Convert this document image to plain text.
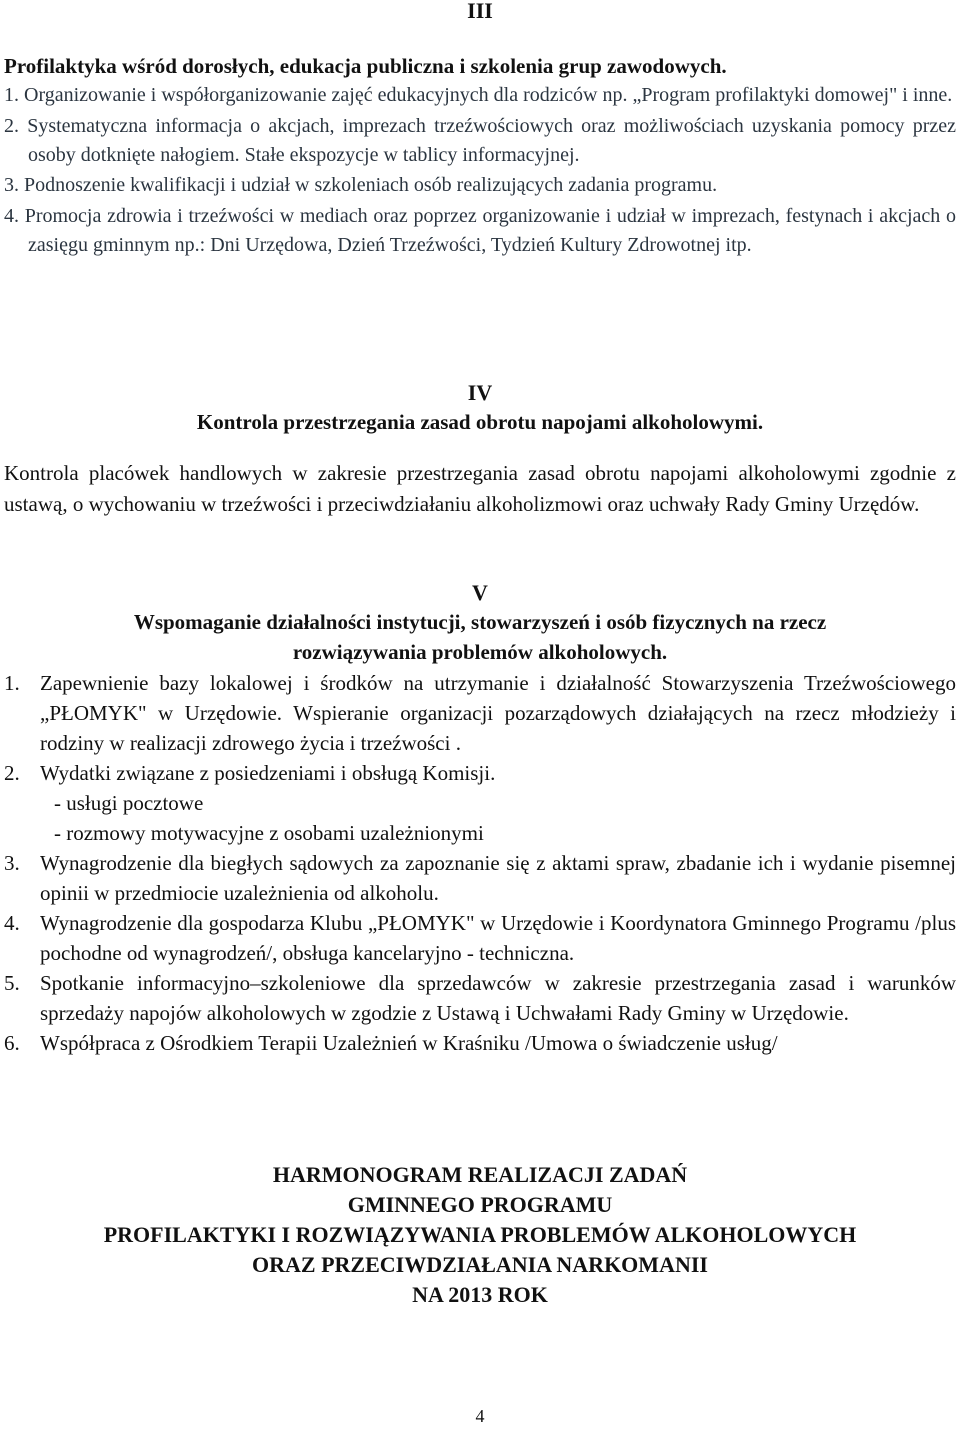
III
Profilaktyka wśród dorosłych, edukacja publiczna i szkolenia grup zawodowych.
1. Organizowanie i współorganizowanie zajęć edukacyjnych dla rodziców np. „Program profilaktyki domowej" i inne.
2. Systematyczna informacja o akcjach, imprezach trzeźwościowych oraz możliwościach uzyskania pomocy przez osoby dotknięte nałogiem. Stałe ekspozycje w tablicy informacyjnej.
3. Podnoszenie kwalifikacji i udział w szkoleniach osób realizujących zadania programu.
4. Promocja zdrowia i trzeźwości w mediach oraz poprzez organizowanie i udział w imprezach, festynach i akcjach o zasięgu gminnym np.: Dni Urzędowa, Dzień Trzeźwości, Tydzień Kultury Zdrowotnej itp.
IV
Kontrola przestrzegania zasad obrotu napojami alkoholowymi.
Kontrola placówek handlowych w zakresie przestrzegania zasad obrotu napojami alkoholowymi zgodnie z ustawą, o wychowaniu w trzeźwości i przeciwdziałaniu alkoholizmowi oraz uchwały Rady Gminy Urzędów.
V
Wspomaganie działalności instytucji, stowarzyszeń i osób fizycznych na rzecz
rozwiązywania problemów alkoholowych.
1. Zapewnienie bazy lokalowej i środków na utrzymanie i działalność Stowarzyszenia Trzeźwościowego „PŁOMYK" w Urzędowie. Wspieranie organizacji pozarządowych działających na rzecz młodzieży i rodziny w realizacji zdrowego życia i trzeźwości .
2. Wydatki związane z posiedzeniami i obsługą Komisji.
- usługi pocztowe
- rozmowy motywacyjne z osobami uzależnionymi
3. Wynagrodzenie dla biegłych sądowych za zapoznanie się z aktami spraw, zbadanie ich i wydanie pisemnej opinii w przedmiocie uzależnienia od alkoholu.
4. Wynagrodzenie dla gospodarza Klubu „PŁOMYK" w Urzędowie i Koordynatora Gminnego Programu /plus pochodne od wynagrodzeń/, obsługa kancelaryjno - techniczna.
5. Spotkanie informacyjno–szkoleniowe dla sprzedawców w zakresie przestrzegania zasad i warunków sprzedaży napojów alkoholowych w zgodzie z Ustawą i Uchwałami Rady Gminy w Urzędowie.
6. Współpraca z Ośrodkiem Terapii Uzależnień w Kraśniku /Umowa o świadczenie usług/
HARMONOGRAM REALIZACJI ZADAŃ
GMINNEGO PROGRAMU
PROFILAKTYKI I ROZWIĄZYWANIA PROBLEMÓW ALKOHOLOWYCH
ORAZ PRZECIWDZIAŁANIA NARKOMANII
NA 2013 ROK
4
